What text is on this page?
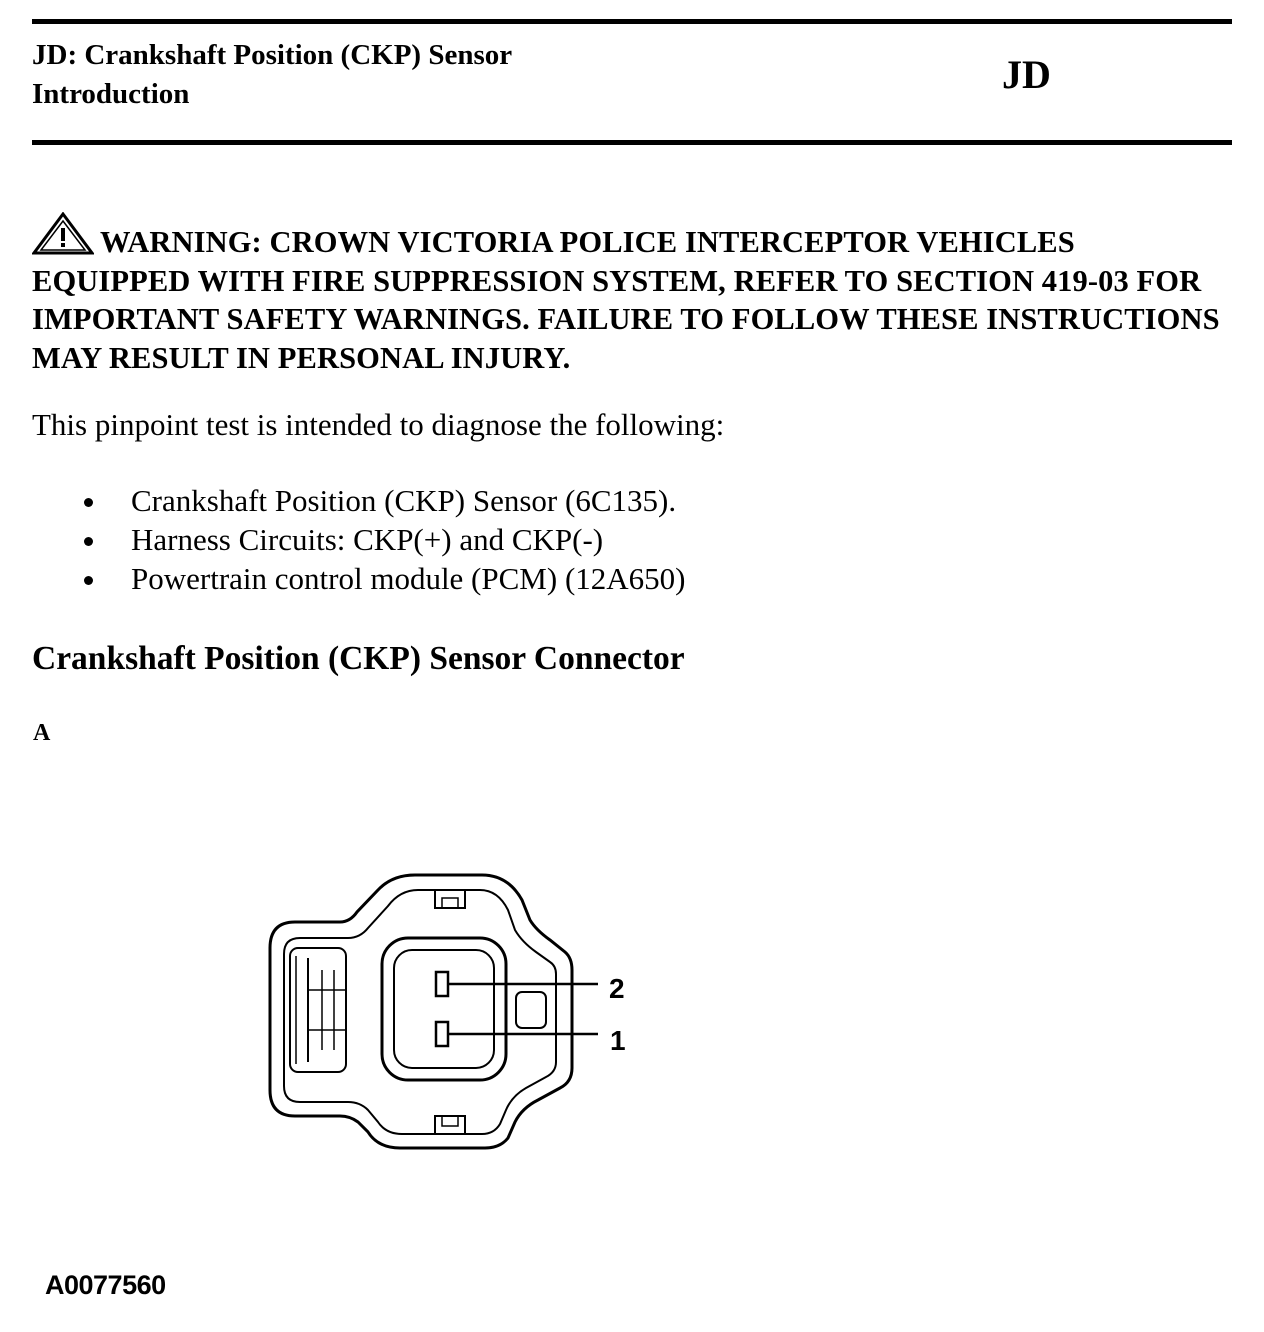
JD: Crankshaft Position (CKP) Sensor
Introduction	JD
WARNING: CROWN VICTORIA POLICE INTERCEPTOR VEHICLES EQUIPPED WITH FIRE SUPPRESSION SYSTEM, REFER TO SECTION 419-03 FOR IMPORTANT SAFETY WARNINGS. FAILURE TO FOLLOW THESE INSTRUCTIONS MAY RESULT IN PERSONAL INJURY.
This pinpoint test is intended to diagnose the following:
Crankshaft Position (CKP) Sensor (6C135).
Harness Circuits: CKP(+) and CKP(-)
Powertrain control module (PCM) (12A650)
Crankshaft Position (CKP) Sensor Connector
A
2
1
A0077560
